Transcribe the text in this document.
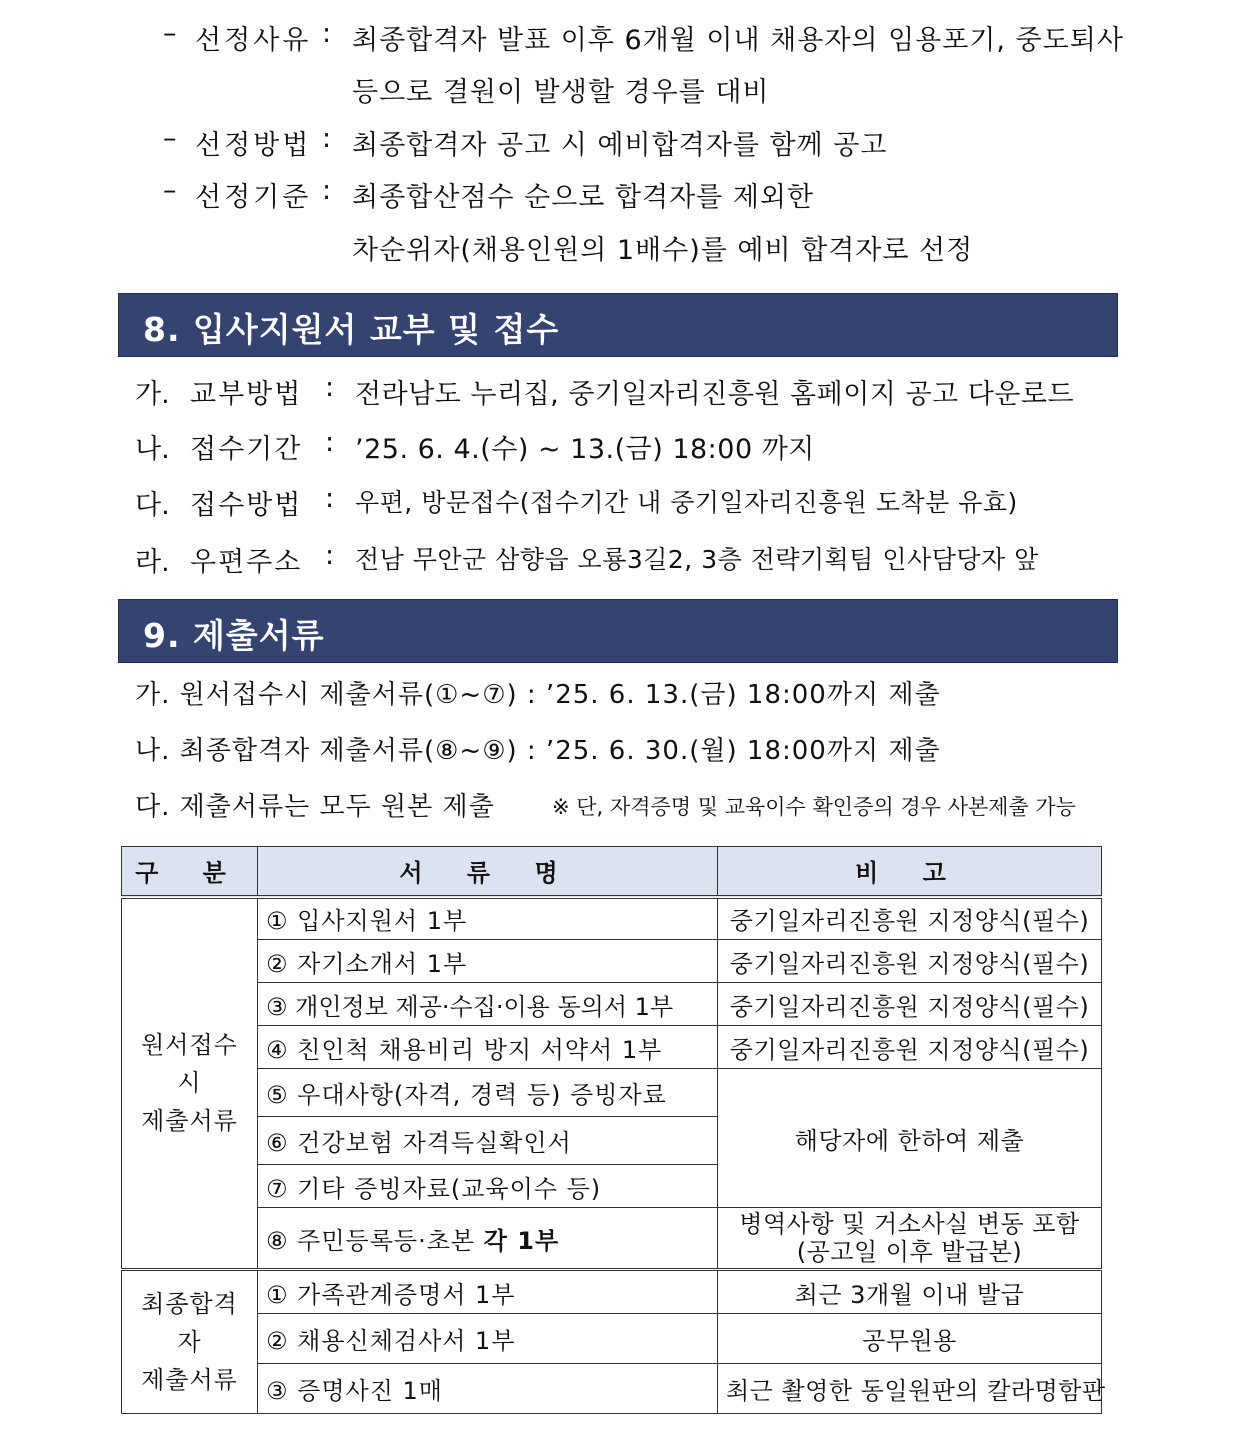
– 선정사유 : 최종합격자 발표 이후 6개월 이내 채용자의 임용포기, 중도퇴사
등으로 결원이 발생할 경우를 대비
– 선정방법 : 최종합격자 공고 시 예비합격자를 함께 공고
– 선정기준 : 최종합산점수 순으로 합격자를 제외한
차순위자(채용인원의 1배수)를 예비 합격자로 선정
8. 입사지원서 교부 및 접수
가. 교부방법 : 전라남도 누리집, 중기일자리진흥원 홈페이지 공고 다운로드
나. 접수기간 : ’25. 6. 4.(수) ~ 13.(금) 18:00 까지
다. 접수방법 : 우편, 방문접수(접수기간 내 중기일자리진흥원 도착분 유효)
라. 우편주소 : 전남 무안군 삼향읍 오룡3길2, 3층 전략기획팀 인사담당자 앞
9. 제출서류
가. 원서접수시 제출서류(①~⑦) : ’25. 6. 13.(금) 18:00까지 제출
나. 최종합격자 제출서류(⑧~⑨) : ’25. 6. 30.(월) 18:00까지 제출
다. 제출서류는 모두 원본 제출	※ 단, 자격증명 및 교육이수 확인증의 경우 사본제출 가능
구 분	서 류 명	비 고
원서접수시
제출서류	① 입사지원서 1부	중기일자리진흥원 지정양식(필수)
	② 자기소개서 1부	중기일자리진흥원 지정양식(필수)
	③ 개인정보 제공·수집·이용 동의서 1부	중기일자리진흥원 지정양식(필수)
	④ 친인척 채용비리 방지 서약서 1부	중기일자리진흥원 지정양식(필수)
	⑤ 우대사항(자격, 경력 등) 증빙자료	해당자에 한하여 제출
	⑥ 건강보험 자격득실확인서	
	⑦ 기타 증빙자료(교육이수 등)	
	⑧ 주민등록등·초본 각 1부	병역사항 및 거소사실 변동 포함
(공고일 이후 발급본)
최종합격자
제출서류	① 가족관계증명서 1부	최근 3개월 이내 발급
	② 채용신체검사서 1부	공무원용
	③ 증명사진 1매	최근 촬영한 동일원판의 칼라명함판
